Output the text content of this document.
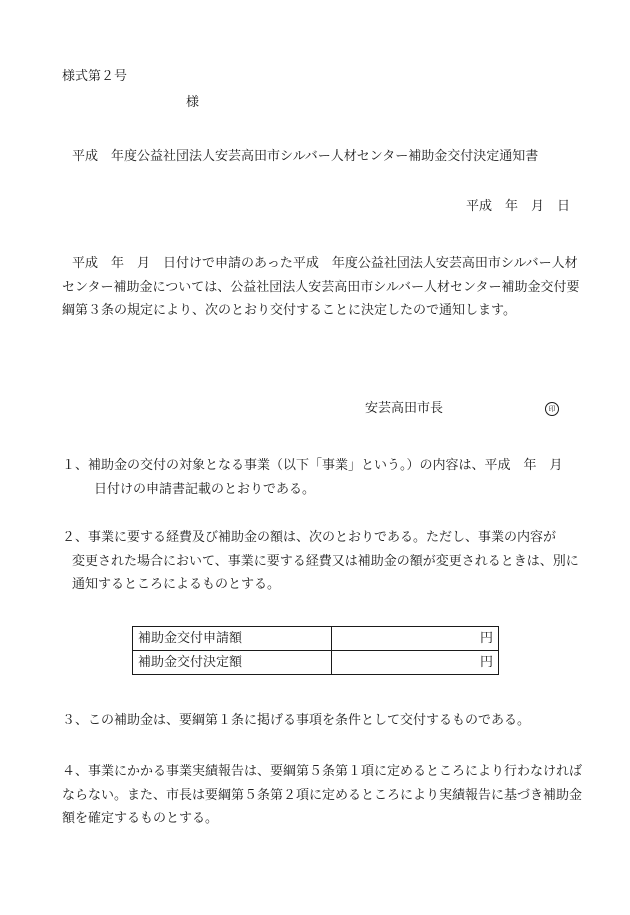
様式第２号
様
平成　年度公益社団法人安芸高田市シルバー人材センター補助金交付決定通知書
平成　年　月　日
平成　年　月　日付けで申請のあった平成　年度公益社団法人安芸高田市シルバー人材センター補助金については、公益社団法人安芸高田市シルバー人材センター補助金交付要綱第３条の規定により、次のとおり交付することに決定したので通知します。
安芸高田市長	印
１、補助金の交付の対象となる事業（以下「事業」という。）の内容は、平成　年　月
日付けの申請書記載のとおりである。
２、事業に要する経費及び補助金の額は、次のとおりである。ただし、事業の内容が
変更された場合において、事業に要する経費又は補助金の額が変更されるときは、別に通知するところによるものとする。
補助金交付申請額	円
補助金交付決定額	円
３、この補助金は、要綱第１条に掲げる事項を条件として交付するものである。
４、事業にかかる事業実績報告は、要綱第５条第１項に定めるところにより行わなければならない。また、市長は要綱第５条第２項に定めるところにより実績報告に基づき補助金額を確定するものとする。
